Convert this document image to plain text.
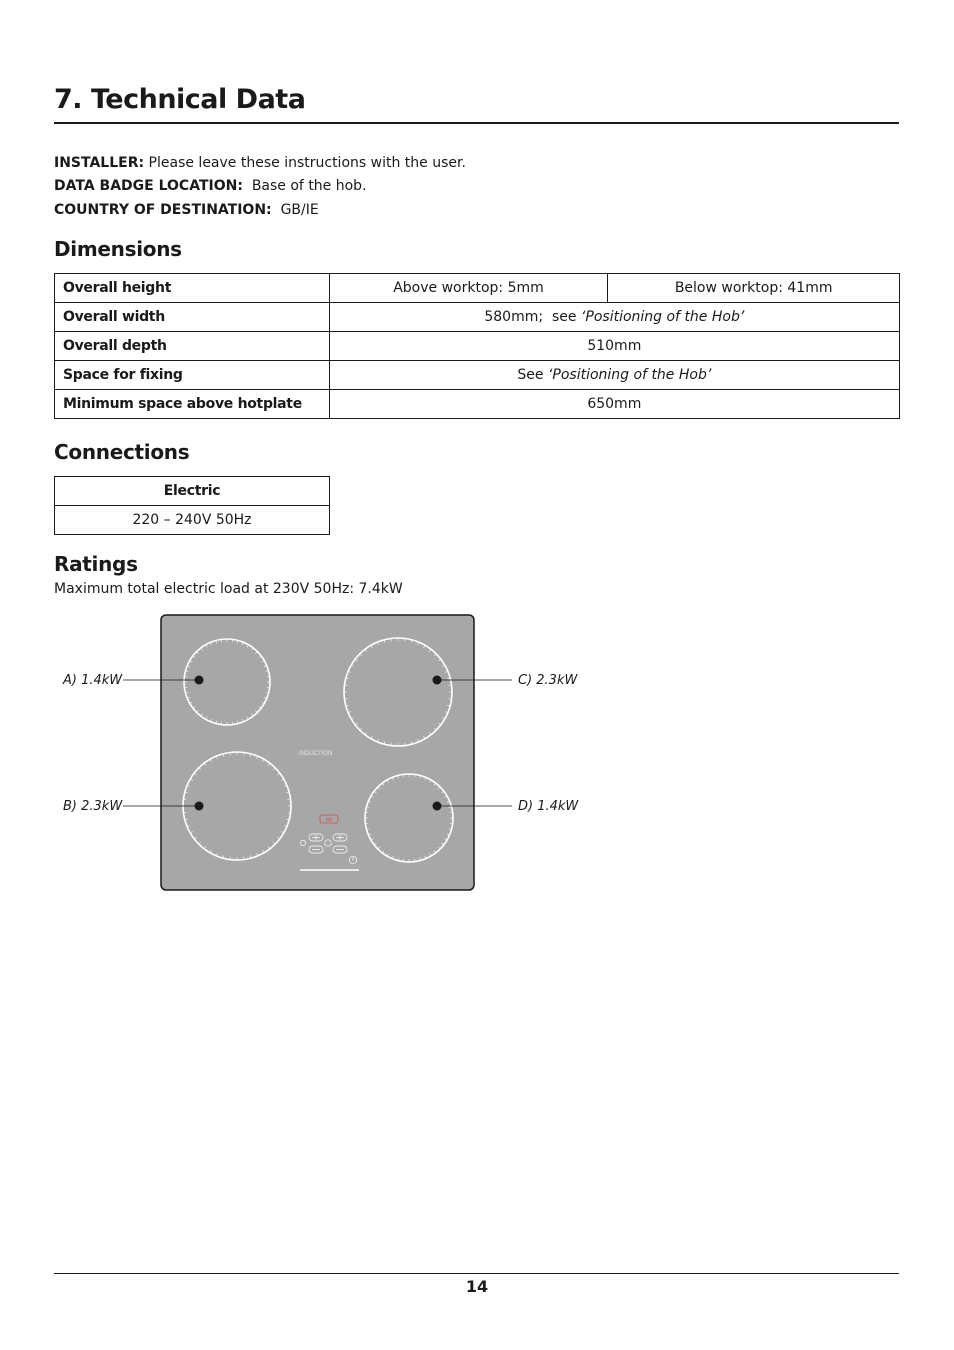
7. Technical Data
INSTALLER: Please leave these instructions with the user.
DATA BADGE LOCATION: Base of the hob.
COUNTRY OF DESTINATION: GB/IE
Dimensions
Overall height	Above worktop: 5mm	Below worktop: 41mm
Overall width	580mm;  see ‘Positioning of the Hob’	
Overall depth	510mm	
Space for fixing	See ‘Positioning of the Hob’	
Minimum space above hotplate	650mm	
Connections
Electric
220 – 240V 50Hz
Ratings
Maximum total electric load at 230V 50Hz: 7.4kW
INDUCTION
88
A) 1.4kW
B) 2.3kW
C) 2.3kW
D) 1.4kW
14
